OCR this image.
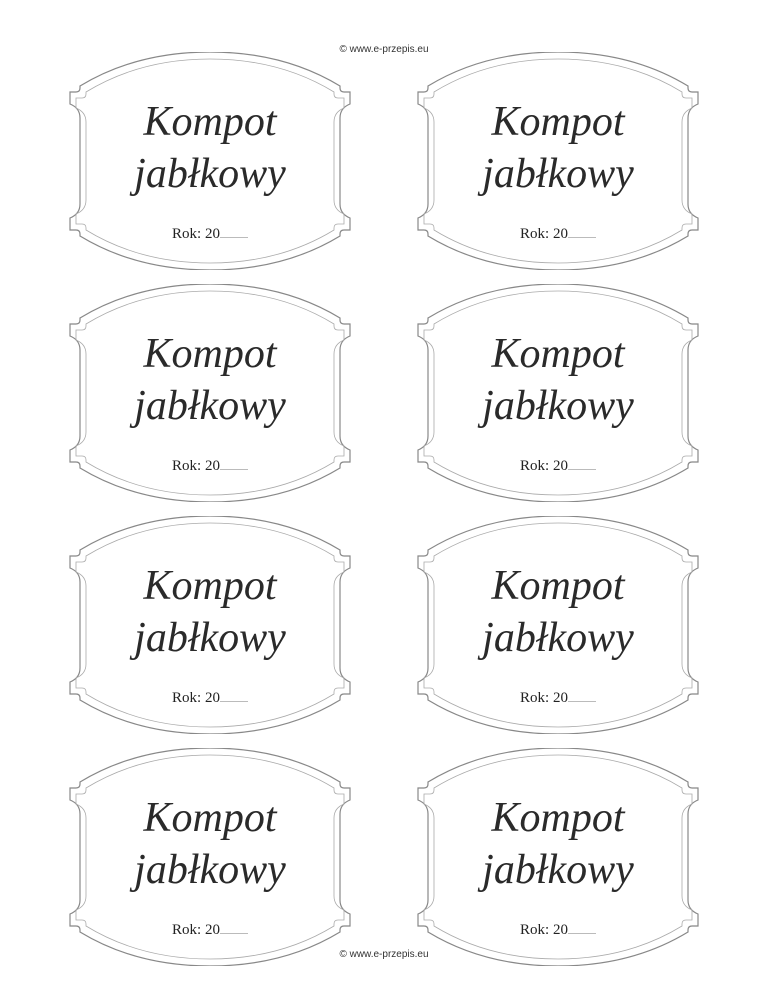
© www.e-przepis.eu
Kompot
jabłkowy
Rok: 20
Kompot
jabłkowy
Rok: 20
Kompot
jabłkowy
Rok: 20
Kompot
jabłkowy
Rok: 20
Kompot
jabłkowy
Rok: 20
Kompot
jabłkowy
Rok: 20
Kompot
jabłkowy
Rok: 20
Kompot
jabłkowy
Rok: 20
© www.e-przepis.eu
